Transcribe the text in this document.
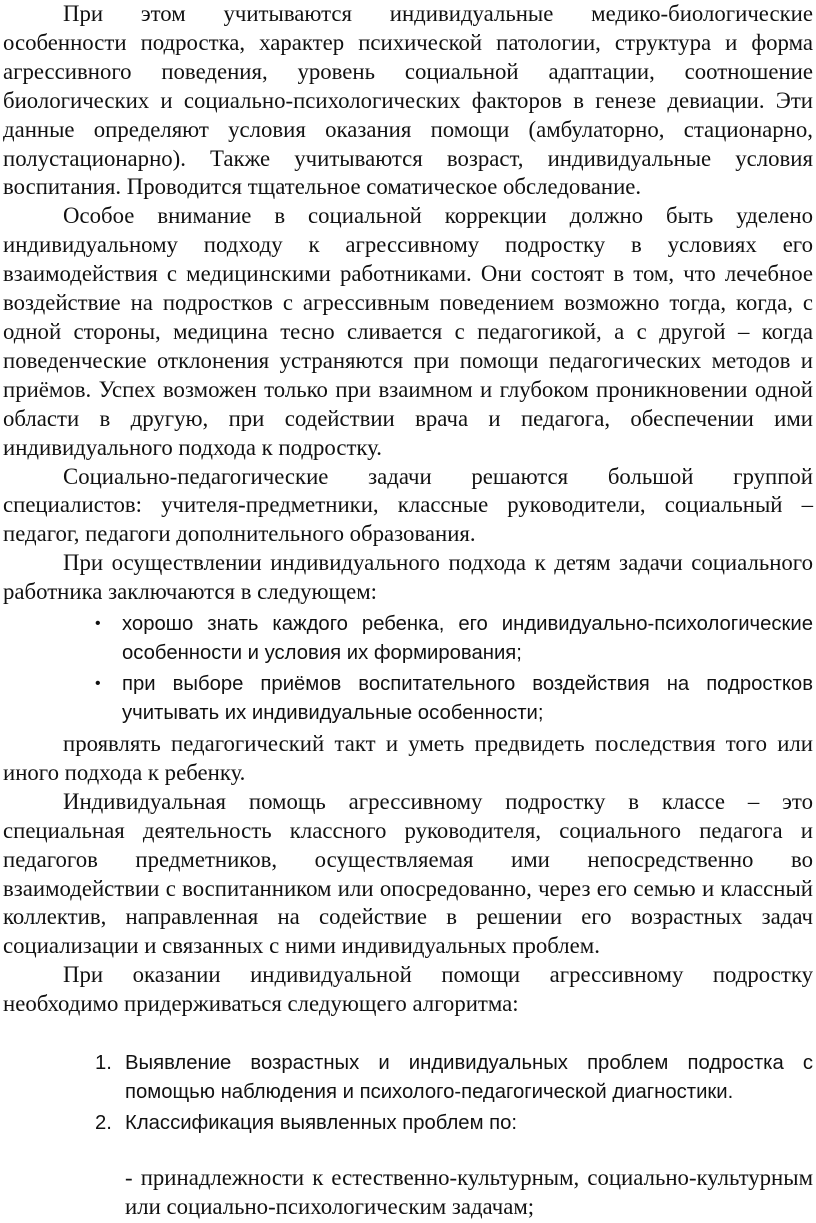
При этом учитываются индивидуальные медико-биологические особенности подростка, характер психической патологии, структура и форма агрессивного поведения, уровень социальной адаптации, соотношение биологических и социально-психологических факторов в генезе девиации. Эти данные определяют условия оказания помощи (амбулаторно, стационарно, полустационарно). Также учитываются возраст, индивидуальные условия воспитания. Проводится тщательное соматическое обследование.

Особое внимание в социальной коррекции должно быть уделено индивидуальному подходу к агрессивному подростку в условиях его взаимодействия с медицинскими работниками. Они состоят в том, что лечебное воздействие на подростков с агрессивным поведением возможно тогда, когда, с одной стороны, медицина тесно сливается с педагогикой, а с другой – когда поведенческие отклонения устраняются при помощи педагогических методов и приёмов. Успех возможен только при взаимном и глубоком проникновении одной области в другую, при содействии врача и педагога, обеспечении ими индивидуального подхода к подростку.

Социально-педагогические задачи решаются большой группой специалистов: учителя-предметники, классные руководители, социальный – педагог, педагоги дополнительного образования.

При осуществлении индивидуального подхода к детям задачи социального работника заключаются в следующем:

• хорошо знать каждого ребенка, его индивидуально-психологические особенности и условия их формирования;
• при выборе приёмов воспитательного воздействия на подростков учитывать их индивидуальные особенности;

проявлять педагогический такт и уметь предвидеть последствия того или иного подхода к ребенку.

Индивидуальная помощь агрессивному подростку в классе – это специальная деятельность классного руководителя, социального педагога и педагогов предметников, осуществляемая ими непосредственно во взаимодействии с воспитанником или опосредованно, через его семью и классный коллектив, направленная на содействие в решении его возрастных задач социализации и связанных с ними индивидуальных проблем.

При оказании индивидуальной помощи агрессивному подростку необходимо придерживаться следующего алгоритма:

1. Выявление возрастных и индивидуальных проблем подростка с помощью наблюдения и психолого-педагогической диагностики.
2. Классификация выявленных проблем по:

- принадлежности к естественно-культурным, социально-культурным или социально-психологическим задачам;
